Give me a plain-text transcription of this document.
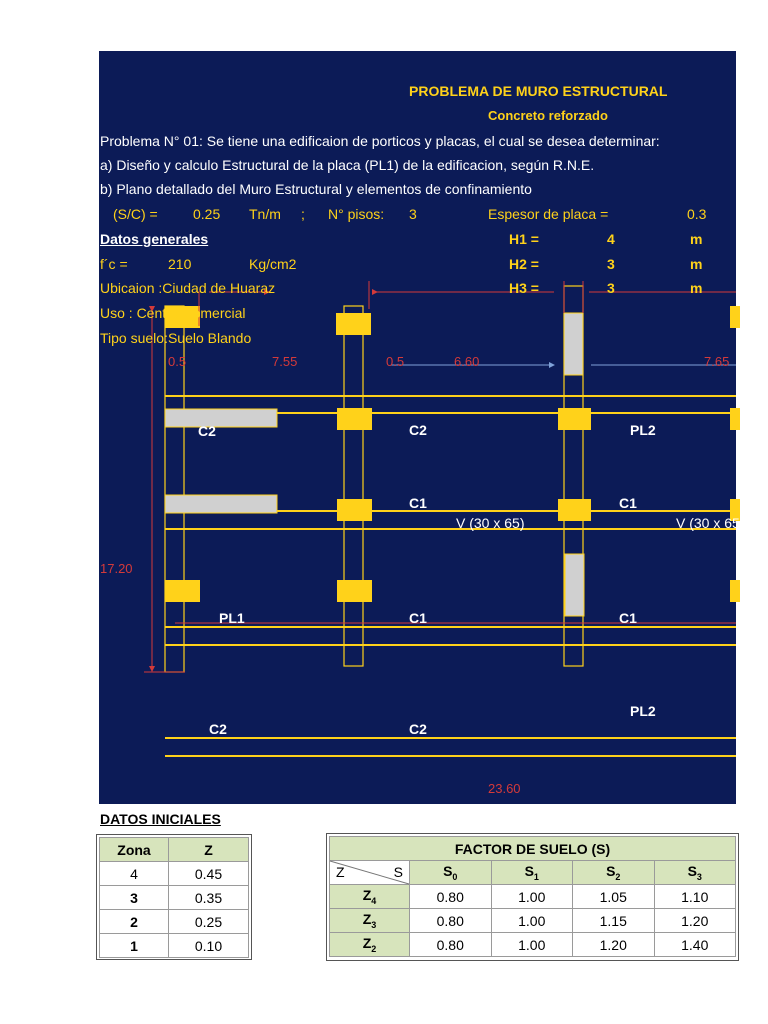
PROBLEMA DE MURO ESTRUCTURAL
Concreto reforzado
Problema N° 01: Se tiene una edificaion de porticos y placas, el cual se desea determinar:
a) Diseño y calculo Estructural de la placa (PL1) de la edificacion, según R.N.E.
b) Plano detallado del Muro Estructural y elementos de confinamiento
(S/C) =	0.25 Tn/m ; N° pisos: 3	Espesor de placa =	0.3
Datos generales
f´c =	210	Kg/cm2
Ubicaion :Ciudad de Huaraz
Uso : Centro Comercial
Tipo suelo:Suelo Blando
H1 =	4	m
H2 =	3	m
H3 =	3	m
0.5	7.55	0.5	6.60	7.65
17.20
23.60
C2	C2	PL2
C1	C1
V (30 x 65)	V (30 x 65)
PL1	C1	C1
PL2
C2	C2
DATOS INICIALES
Zona	Z
4	0.45
3	0.35
2	0.25
1	0.10
FACTOR DE SUELO (S)				

Z S	$S_0$	$S_1$	$S_2$	$S_3$
$Z_4$	0.80	1.00	1.05	1.10
$Z_3$	0.80	1.00	1.15	1.20
$Z_2$	0.80	1.00	1.20	1.40
